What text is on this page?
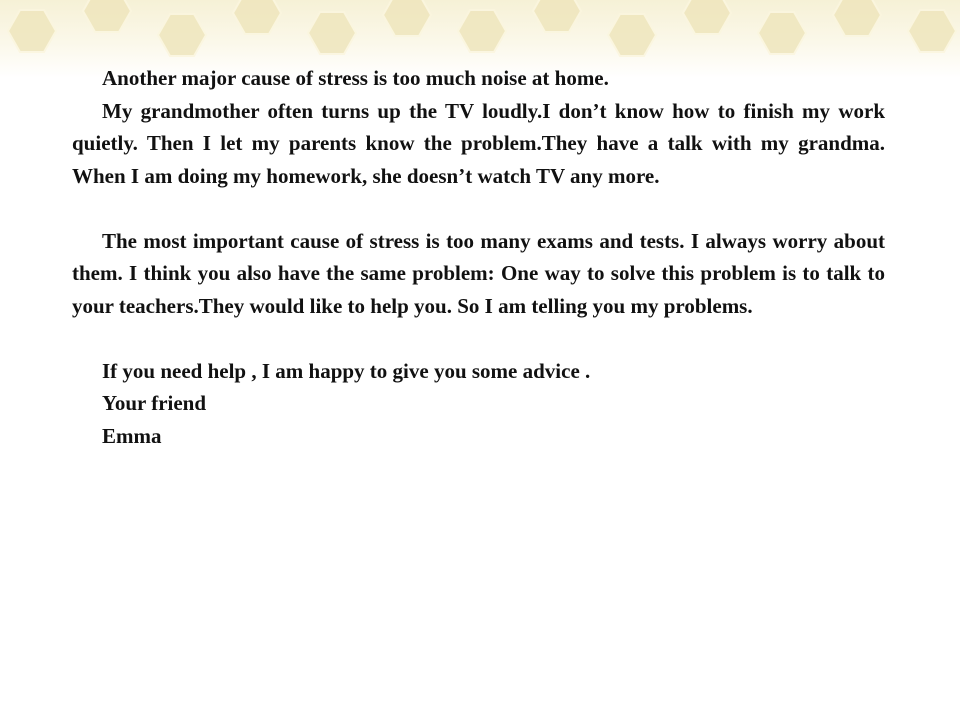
Another major cause of stress is too much noise at home.

My grandmother often turns up the TV loudly.I don’t know how to finish my work quietly. Then I let my parents know the problem.They have a talk with my grandma. When I am doing my homework, she doesn’t watch TV any more.

The most important cause of stress is too many exams and tests. I always worry about them. I think you also have the same problem: One way to solve this problem is to talk to your teachers.They would like to help you. So I am telling you my problems.

If you need help , I am happy to give you some advice .

Your friend

Emma
